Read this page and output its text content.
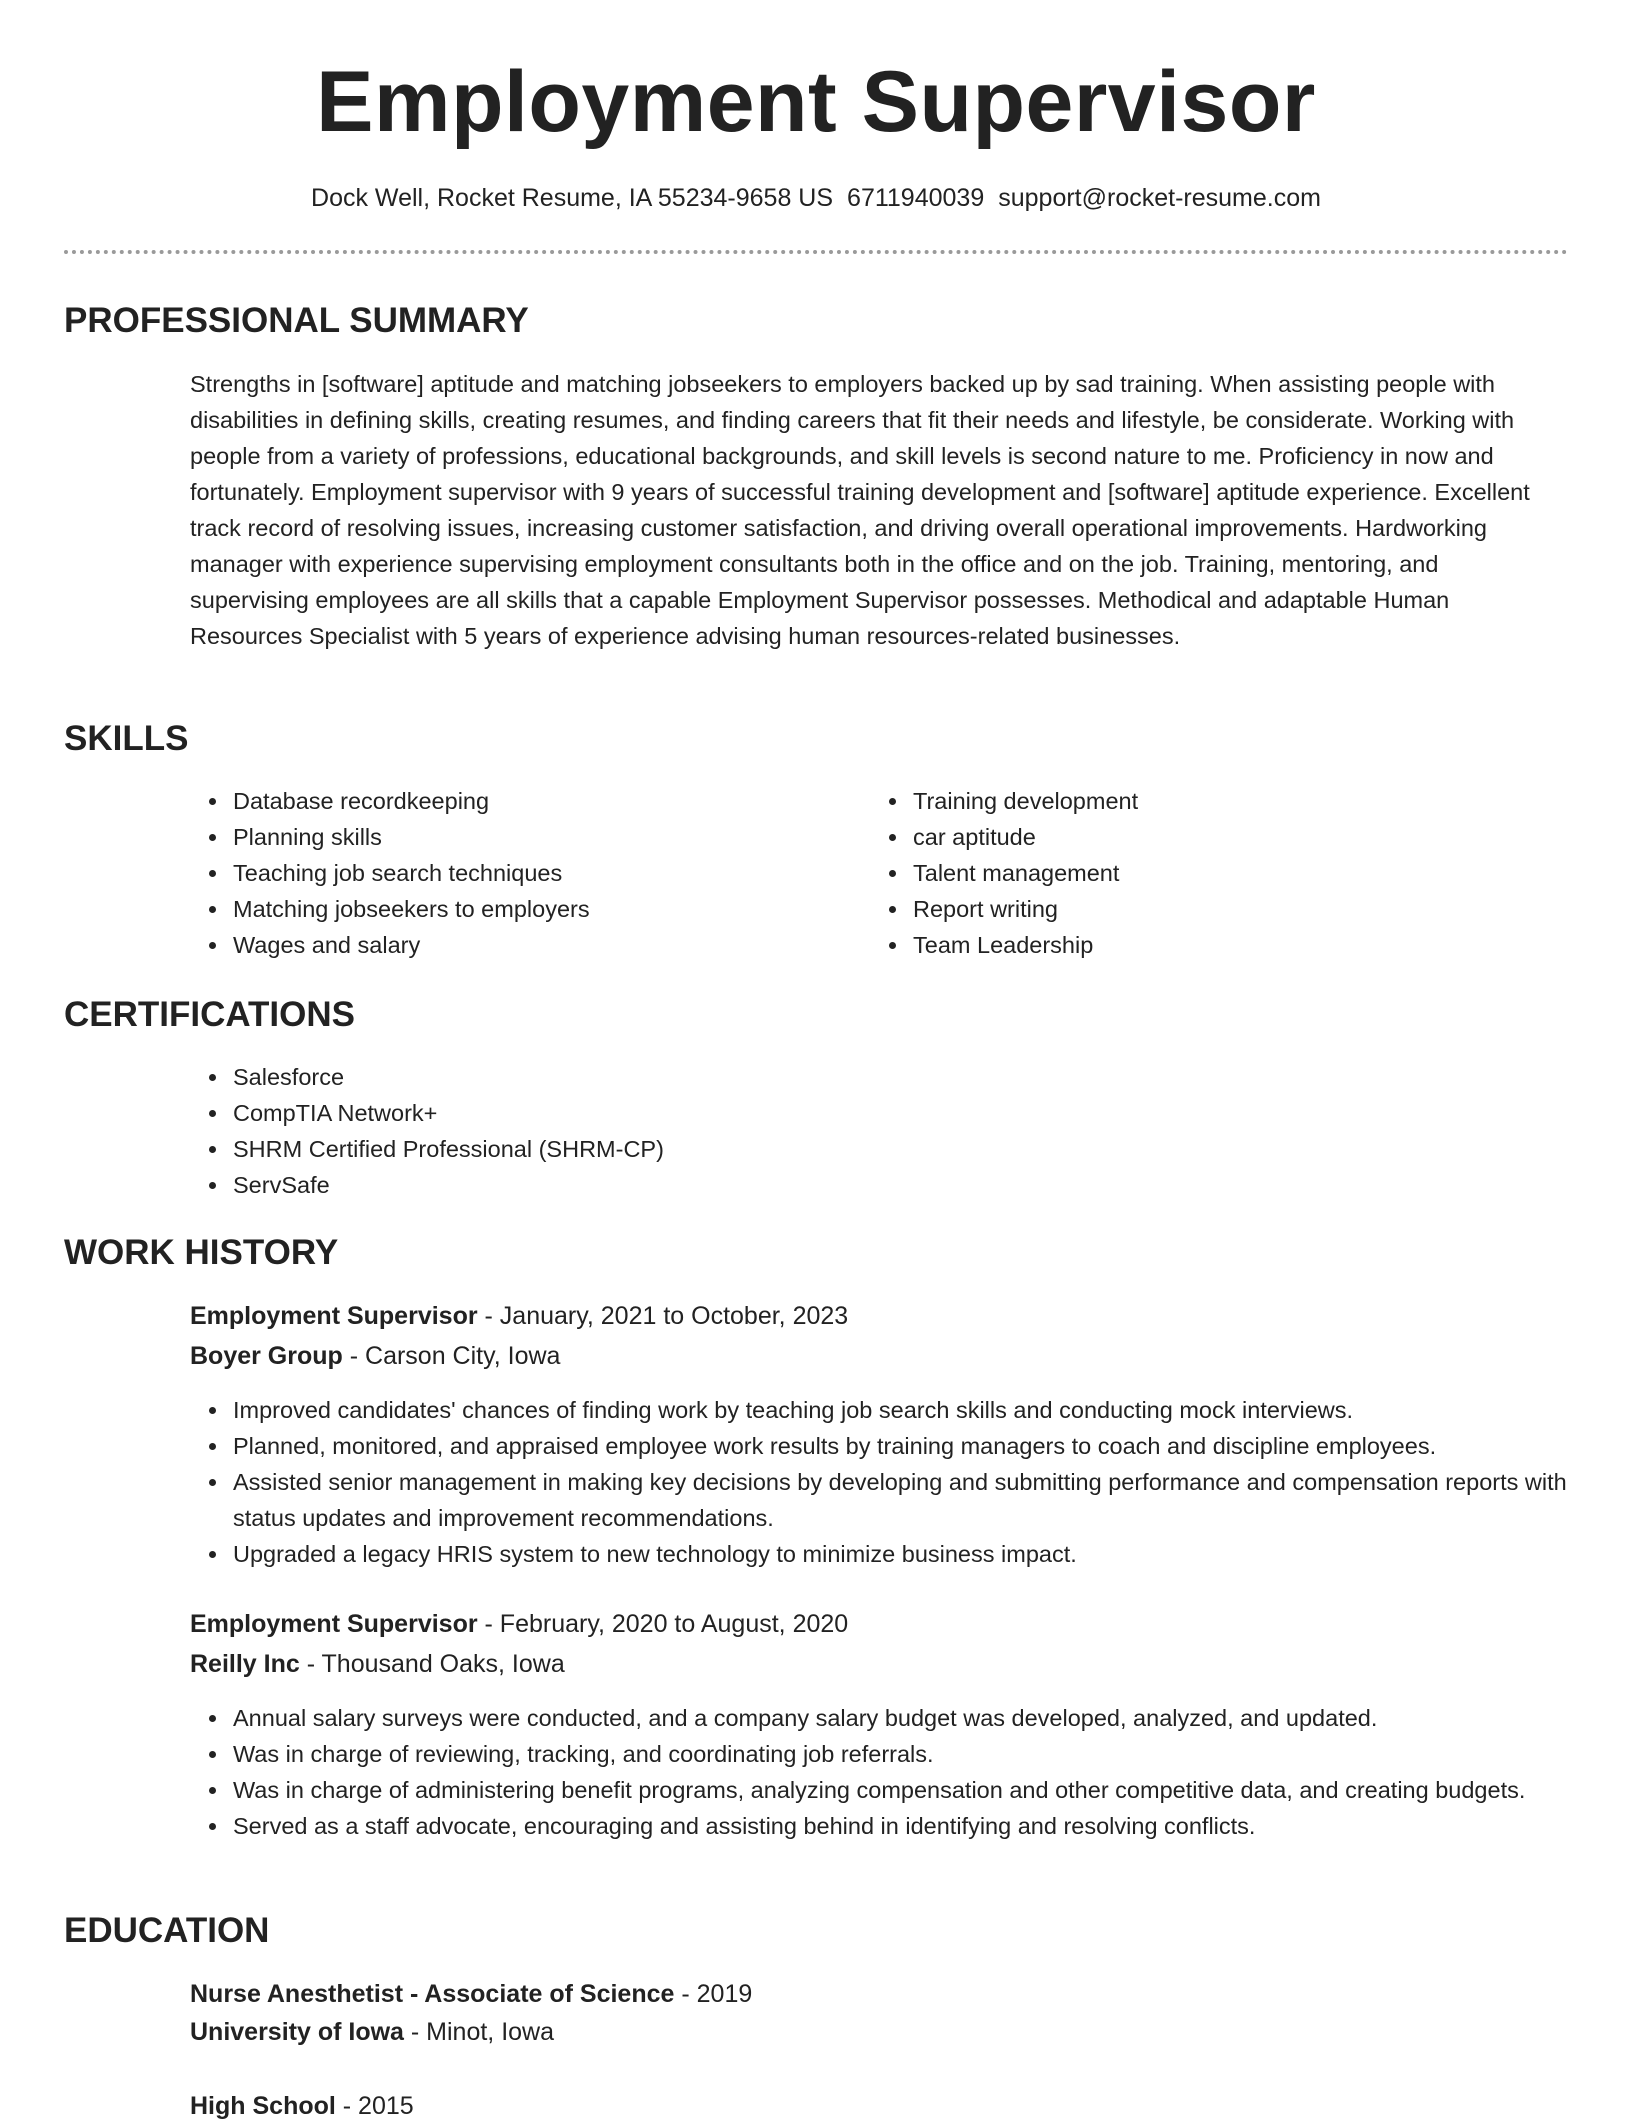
Employment Supervisor
Dock Well, Rocket Resume, IA 55234-9658 US 6711940039 support@rocket-resume.com
PROFESSIONAL SUMMARY
Strengths in [software] aptitude and matching jobseekers to employers backed up by sad training. When assisting people with disabilities in defining skills, creating resumes, and finding careers that fit their needs and lifestyle, be considerate. Working with people from a variety of professions, educational backgrounds, and skill levels is second nature to me. Proficiency in now and fortunately. Employment supervisor with 9 years of successful training development and [software] aptitude experience. Excellent track record of resolving issues, increasing customer satisfaction, and driving overall operational improvements. Hardworking manager with experience supervising employment consultants both in the office and on the job. Training, mentoring, and supervising employees are all skills that a capable Employment Supervisor possesses. Methodical and adaptable Human Resources Specialist with 5 years of experience advising human resources-related businesses.
SKILLS
Database recordkeeping
Planning skills
Teaching job search techniques
Matching jobseekers to employers
Wages and salary
Training development
car aptitude
Talent management
Report writing
Team Leadership
CERTIFICATIONS
Salesforce
CompTIA Network+
SHRM Certified Professional (SHRM-CP)
ServSafe
WORK HISTORY
Employment Supervisor - January, 2021 to October, 2023
Boyer Group - Carson City, Iowa
Improved candidates' chances of finding work by teaching job search skills and conducting mock interviews.
Planned, monitored, and appraised employee work results by training managers to coach and discipline employees.
Assisted senior management in making key decisions by developing and submitting performance and compensation reports with status updates and improvement recommendations.
Upgraded a legacy HRIS system to new technology to minimize business impact.
Employment Supervisor - February, 2020 to August, 2020
Reilly Inc - Thousand Oaks, Iowa
Annual salary surveys were conducted, and a company salary budget was developed, analyzed, and updated.
Was in charge of reviewing, tracking, and coordinating job referrals.
Was in charge of administering benefit programs, analyzing compensation and other competitive data, and creating budgets.
Served as a staff advocate, encouraging and assisting behind in identifying and resolving conflicts.
EDUCATION
Nurse Anesthetist - Associate of Science - 2019
University of Iowa - Minot, Iowa
High School - 2015
